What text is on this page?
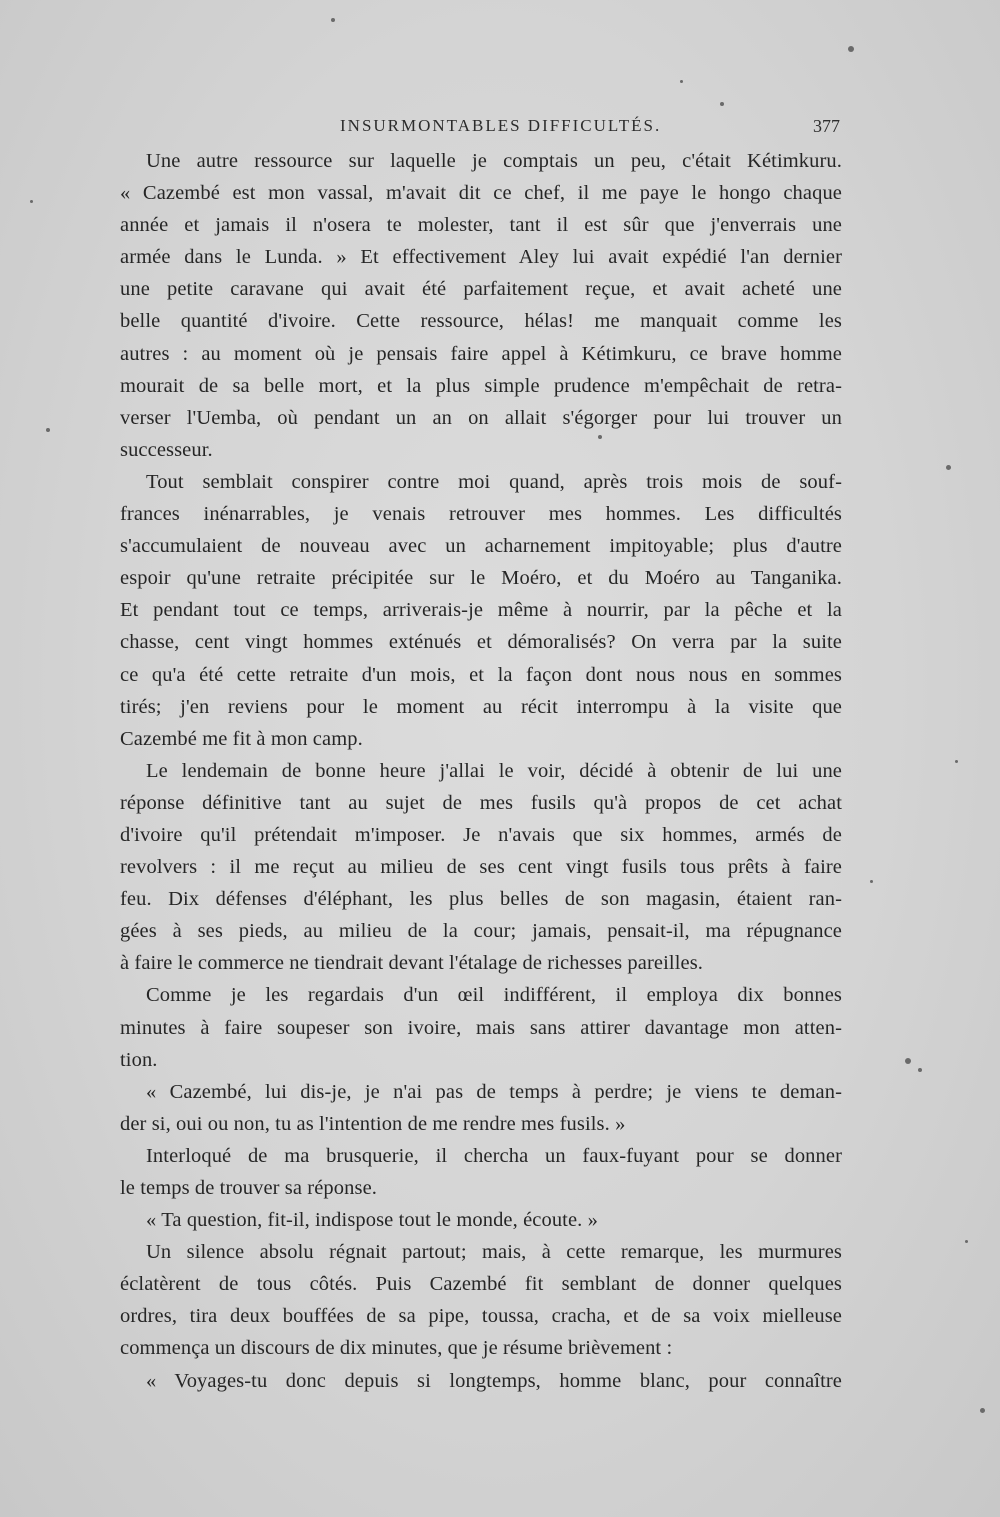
INSURMONTABLES DIFFICULTÉS.	377
Une autre ressource sur laquelle je comptais un peu, c'était Kétimkuru.
« Cazembé est mon vassal, m'avait dit ce chef, il me paye le hongo chaque
année et jamais il n'osera te molester, tant il est sûr que j'enverrais une
armée dans le Lunda. » Et effectivement Aley lui avait expédié l'an dernier
une petite caravane qui avait été parfaitement reçue, et avait acheté une
belle quantité d'ivoire. Cette ressource, hélas! me manquait comme les
autres : au moment où je pensais faire appel à Kétimkuru, ce brave homme
mourait de sa belle mort, et la plus simple prudence m'empêchait de retra-
verser l'Uemba, où pendant un an on allait s'égorger pour lui trouver un
successeur.
Tout semblait conspirer contre moi quand, après trois mois de souf-
frances inénarrables, je venais retrouver mes hommes. Les difficultés
s'accumulaient de nouveau avec un acharnement impitoyable; plus d'autre
espoir qu'une retraite précipitée sur le Moéro, et du Moéro au Tanganika.
Et pendant tout ce temps, arriverais-je même à nourrir, par la pêche et la
chasse, cent vingt hommes exténués et démoralisés? On verra par la suite
ce qu'a été cette retraite d'un mois, et la façon dont nous nous en sommes
tirés; j'en reviens pour le moment au récit interrompu à la visite que
Cazembé me fit à mon camp.
Le lendemain de bonne heure j'allai le voir, décidé à obtenir de lui une
réponse définitive tant au sujet de mes fusils qu'à propos de cet achat
d'ivoire qu'il prétendait m'imposer. Je n'avais que six hommes, armés de
revolvers : il me reçut au milieu de ses cent vingt fusils tous prêts à faire
feu. Dix défenses d'éléphant, les plus belles de son magasin, étaient ran-
gées à ses pieds, au milieu de la cour; jamais, pensait-il, ma répugnance
à faire le commerce ne tiendrait devant l'étalage de richesses pareilles.
Comme je les regardais d'un œil indifférent, il employa dix bonnes
minutes à faire soupeser son ivoire, mais sans attirer davantage mon atten-
tion.
« Cazembé, lui dis-je, je n'ai pas de temps à perdre; je viens te deman-
der si, oui ou non, tu as l'intention de me rendre mes fusils. »
Interloqué de ma brusquerie, il chercha un faux-fuyant pour se donner
le temps de trouver sa réponse.
« Ta question, fit-il, indispose tout le monde, écoute. »
Un silence absolu régnait partout; mais, à cette remarque, les murmures
éclatèrent de tous côtés. Puis Cazembé fit semblant de donner quelques
ordres, tira deux bouffées de sa pipe, toussa, cracha, et de sa voix mielleuse
commença un discours de dix minutes, que je résume brièvement :
« Voyages-tu donc depuis si longtemps, homme blanc, pour connaître
